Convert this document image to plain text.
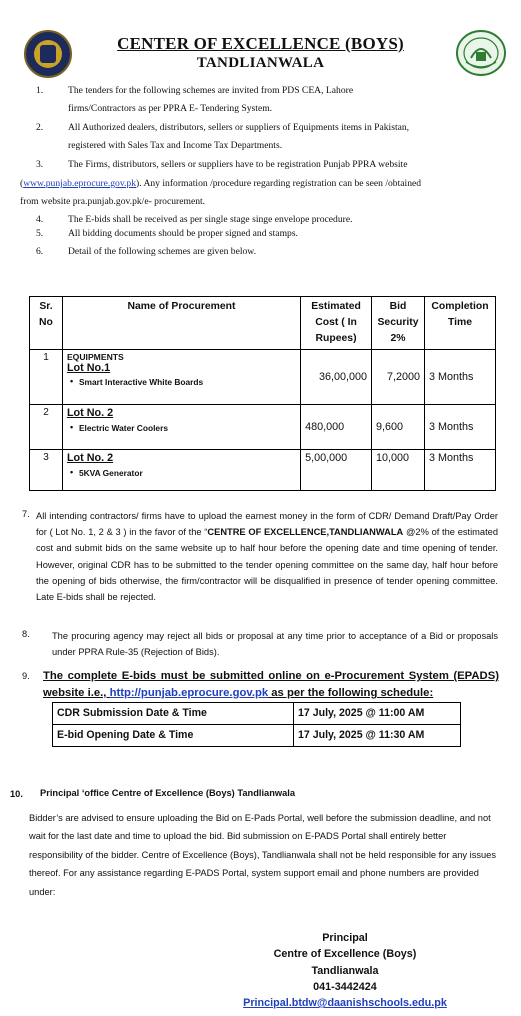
CENTER OF EXCELLENCE (BOYS)
TANDLIANWALA
1.	The tenders for the following schemes are invited from PDS CEA, Lahore
firms/Contractors as per PPRA E- Tendering System.
2.	All Authorized dealers, distributors, sellers or suppliers of Equipments items in Pakistan,
registered with Sales Tax and Income Tax Departments.
3.	The Firms, distributors, sellers or suppliers have to be registration Punjab PPRA website
(www.punjab.eprocure.gov.pk). Any information /procedure regarding registration can be seen /obtained
from website pra.punjab.gov.pk/e- procurement.
4.	The E-bids shall be received as per single stage singe envelope procedure.
5.	All bidding documents should be proper signed and stamps.
6.	Detail of the following schemes are given below.
Sr. No	Name of Procurement	Estimated Cost ( In Rupees)	Bid Security 2%	Completion Time
1	EQUIPMENTS
Lot No.1
• Smart Interactive White Boards	36,00,000	7,2000	3 Months
2	Lot No. 2
• Electric Water Coolers	480,000	9,600	3 Months
3	Lot No. 2
• 5KVA Generator	5,00,000	10,000	3 Months
7. All intending contractors/ firms have to upload the earnest money in the form of CDR/ Demand Draft/Pay Order for ( Lot No. 1, 2 & 3 ) in the favor of the “CENTRE OF EXCELLENCE,TANDLIANWALA @2% of the estimated cost and submit bids on the same website up to half hour before the opening date and time opening of tender. However, original CDR has to be submitted to the tender opening committee on the same day, half hour before the opening of bids otherwise, the firm/contractor will be disqualified in presence of tender opening committee. Late E-bids shall be rejected.
8. The procuring agency may reject all bids or proposal at any time prior to acceptance of a Bid or proposals under PPRA Rule-35 (Rejection of Bids).
9. The complete E-bids must be submitted online on e-Procurement System (EPADS) website i.e., http://punjab.eprocure.gov.pk as per the following schedule:
CDR Submission Date & Time	17 July, 2025 @ 11:00 AM
E-bid Opening Date & Time	17 July, 2025 @ 11:30 AM
10. Principal ‘office Centre of Excellence (Boys) Tandlianwala
Bidder’s are advised to ensure uploading the Bid on E-Pads Portal, well before the submission deadline, and not wait for the last date and time to upload the bid. Bid submission on E-PADS Portal shall entirely better responsibility of the bidder. Centre of Excellence (Boys), Tandlianwala shall not be held responsible for any issues thereof. For any assistance regarding E-PADS Portal, system support email and phone numbers are provided under:
Principal
Centre of Excellence (Boys) Tandlianwala
041-3442424
Principal.btdw@daanishschools.edu.pk
